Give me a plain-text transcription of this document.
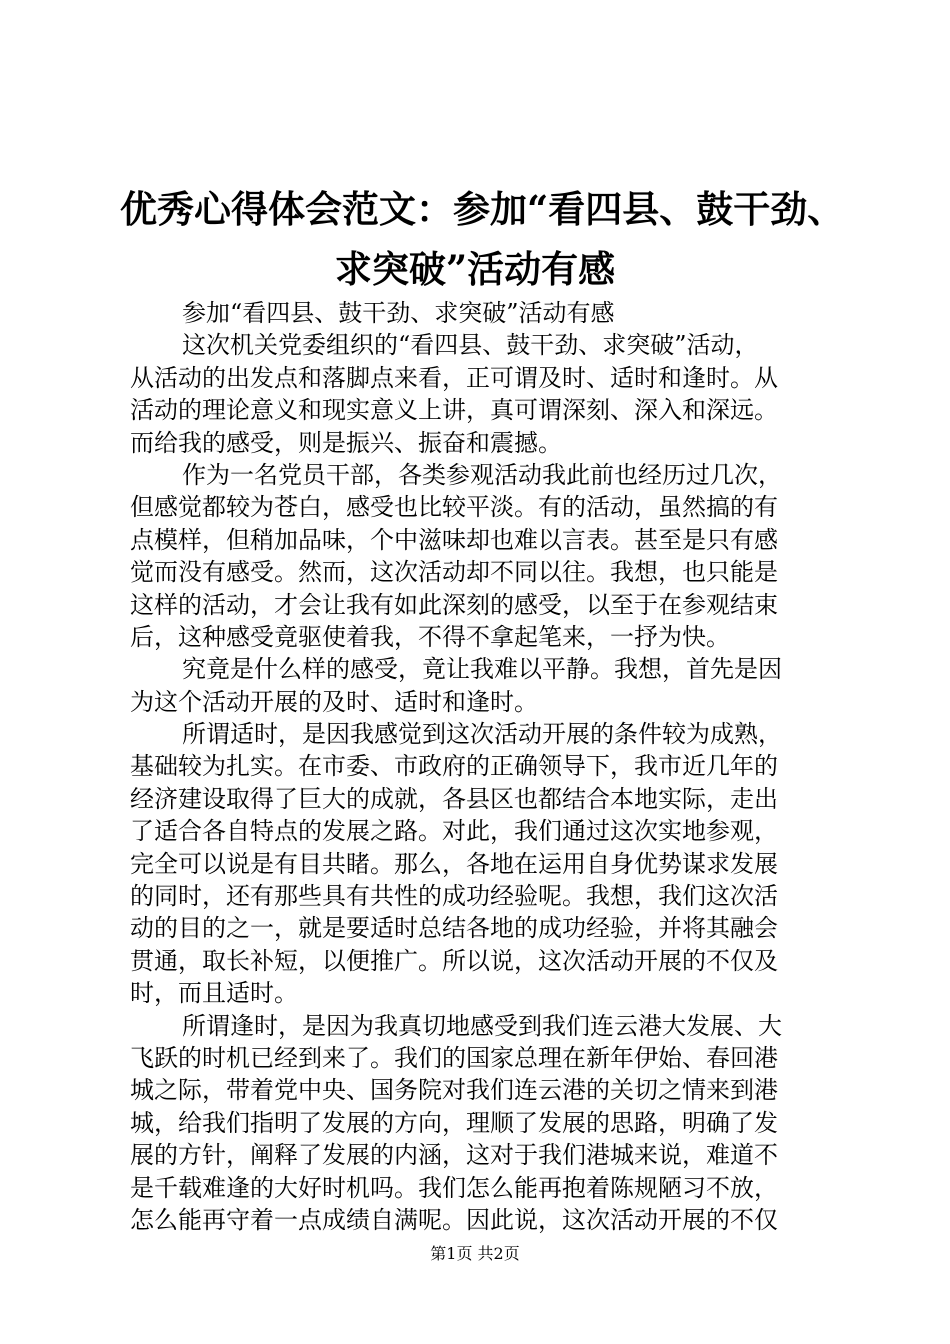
优秀心得体会范文：参加“看四县、鼓干劲、
求突破”活动有感
参加“看四县、鼓干劲、求突破”活动有感
这次机关党委组织的“看四县、鼓干劲、求突破”活动，
从活动的出发点和落脚点来看，正可谓及时、适时和逢时。从
活动的理论意义和现实意义上讲，真可谓深刻、深入和深远。
而给我的感受，则是振兴、振奋和震撼。
作为一名党员干部，各类参观活动我此前也经历过几次，
但感觉都较为苍白，感受也比较平淡。有的活动，虽然搞的有
点模样，但稍加品味，个中滋味却也难以言表。甚至是只有感
觉而没有感受。然而，这次活动却不同以往。我想，也只能是
这样的活动，才会让我有如此深刻的感受，以至于在参观结束
后，这种感受竟驱使着我，不得不拿起笔来，一抒为快。
究竟是什么样的感受，竟让我难以平静。我想，首先是因
为这个活动开展的及时、适时和逢时。
所谓适时，是因我感觉到这次活动开展的条件较为成熟，
基础较为扎实。在市委、市政府的正确领导下，我市近几年的
经济建设取得了巨大的成就，各县区也都结合本地实际，走出
了适合各自特点的发展之路。对此，我们通过这次实地参观，
完全可以说是有目共睹。那么，各地在运用自身优势谋求发展
的同时，还有那些具有共性的成功经验呢。我想，我们这次活
动的目的之一，就是要适时总结各地的成功经验，并将其融会
贯通，取长补短，以便推广。所以说，这次活动开展的不仅及
时，而且适时。
所谓逢时，是因为我真切地感受到我们连云港大发展、大
飞跃的时机已经到来了。我们的国家总理在新年伊始、春回港
城之际，带着党中央、国务院对我们连云港的关切之情来到港
城，给我们指明了发展的方向，理顺了发展的思路，明确了发
展的方针，阐释了发展的内涵，这对于我们港城来说，难道不
是千载难逢的大好时机吗。我们怎么能再抱着陈规陋习不放，
怎么能再守着一点成绩自满呢。因此说，这次活动开展的不仅
第1页 共2页
